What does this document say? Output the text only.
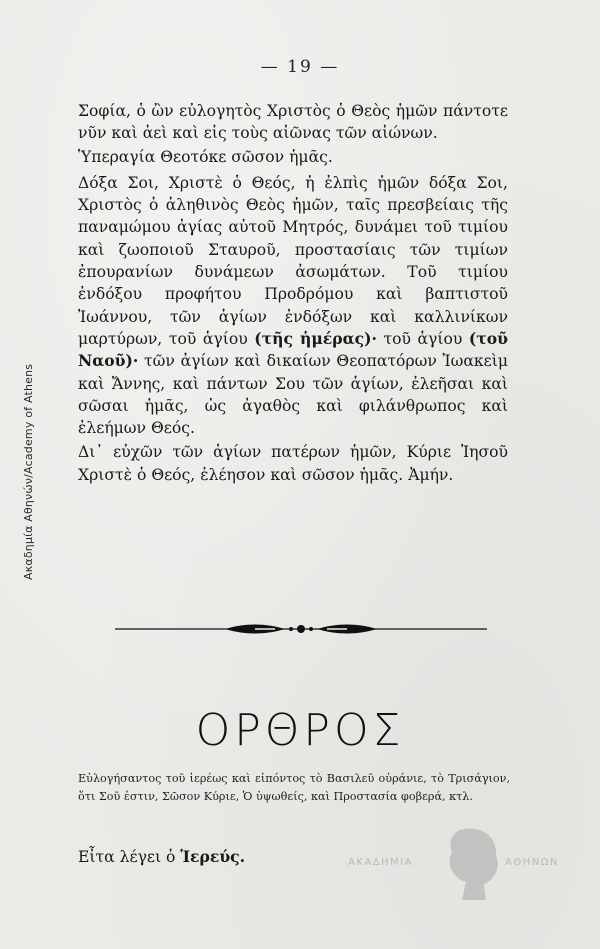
Ακαδημία Αθηνών/Academy of Athens
— 19 —

Σοφία, ὁ ὢν εὐλογητὸς Χριστὸς ὁ Θεὸς ἡμῶν πάντοτε νῦν καὶ ἀεὶ καὶ εἰς τοὺς αἰῶνας τῶν αἰώνων.

Ὑπεραγία Θεοτόκε σῶσον ἡμᾶς.

Δόξα Σοι, Χριστὲ ὁ Θεός, ἡ ἐλπὶς ἡμῶν δόξα Σοι, Χριστὸς ὁ ἀληθινὸς Θεὸς ἡμῶν, ταῖς πρεσβείαις τῆς παναμώμου ἁγίας αὐτοῦ Μητρός, δυνάμει τοῦ τιμίου καὶ ζωοποιοῦ Σταυροῦ, προστασίαις τῶν τιμίων ἐπουρανίων δυνάμεων ἀσωμάτων. Τοῦ τιμίου ἐνδόξου προφήτου Προδρόμου καὶ βαπτιστοῦ Ἰωάννου, τῶν ἁγίων ἐνδόξων καὶ καλλινίκων μαρτύρων, τοῦ ἁγίου (τῆς ἡμέρας)· τοῦ ἁγίου (τοῦ Ναοῦ)· τῶν ἁγίων καὶ δικαίων Θεοπατόρων Ἰωακεὶμ καὶ Ἄννης, καὶ πάντων Σου τῶν ἁγίων, ἐλεῆσαι καὶ σῶσαι ἡμᾶς, ὡς ἀγαθὸς καὶ φιλάνθρωπος καὶ ἐλεήμων Θεός.

Δι᾽ εὐχῶν τῶν ἁγίων πατέρων ἡμῶν, Κύριε Ἰησοῦ Χριστὲ ὁ Θεός, ἐλέησον καὶ σῶσον ἡμᾶς. Ἀμήν.

ΟΡΘΡΟΣ
Εὐλογήσαντος τοῦ ἱερέως καὶ εἰπόντος τὸ Βασιλεῦ οὐράνιε, τὸ Τρισάγιον, ὅτι Σοῦ ἐστιν, Σῶσον Κύριε, Ὁ ὑψωθείς, καὶ Προστασία φοβερά, κτλ.
Εἶτα λέγει ὁ Ἱερεύς.	ΑΚΑΔΗΜΙΑ	ΑΘΗΝΩΝ
